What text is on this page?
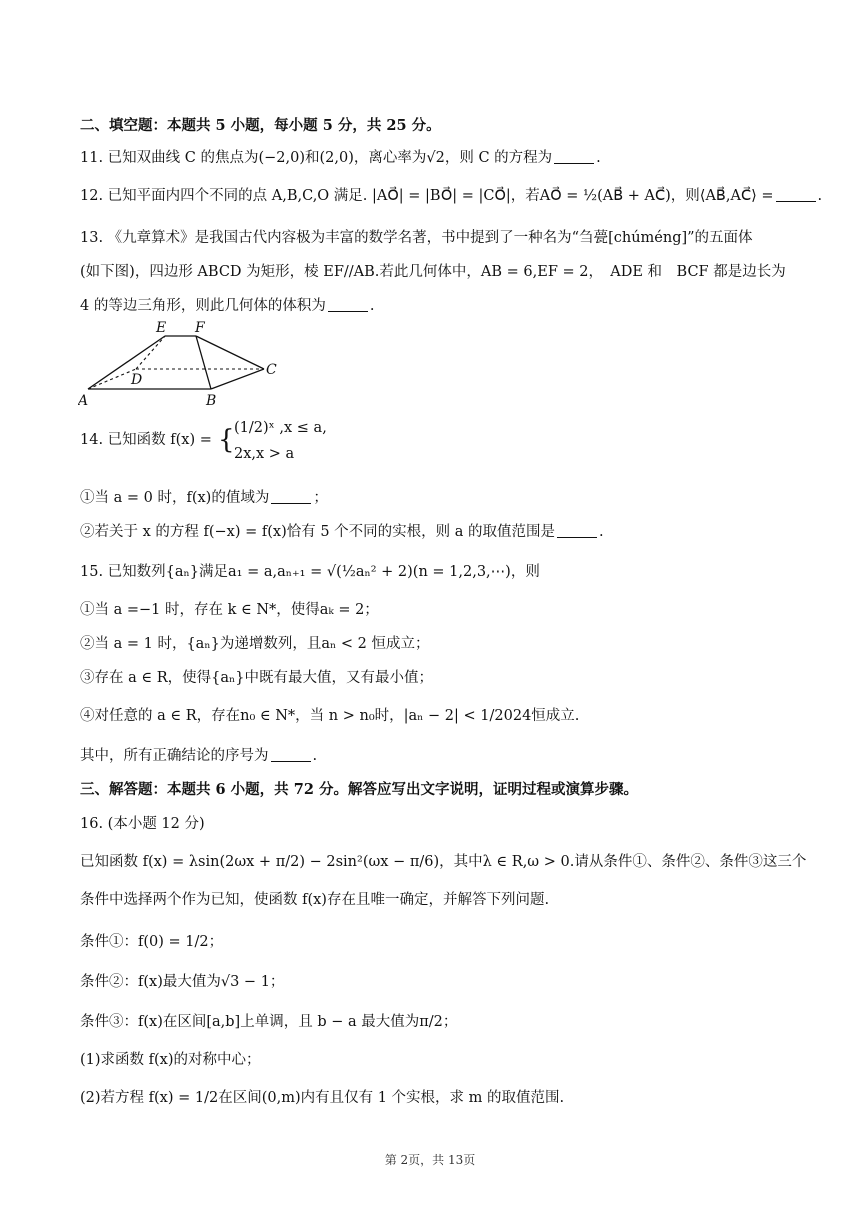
二、填空题：本题共 5 小题，每小题 5 分，共 25 分。
11. 已知双曲线 C 的焦点为(−2,0)和(2,0)，离心率为√2，则 C 的方程为	.
12. 已知平面内四个不同的点 A,B,C,O 满足. |AO⃗| = |BO⃗| = |CO⃗|，若AO⃗ = ½(AB⃗ + AC⃗)，则⟨AB⃗,AC⃗⟩ =	.
13. 《九章算术》是我国古代内容极为丰富的数学名著，书中提到了一种名为“刍甍[chúméng]”的五面体
(如下图)，四边形 ABCD 为矩形，棱 EF//AB.若此几何体中，AB = 6,EF = 2，　ADE 和　BCF 都是边长为
4 的等边三角形，则此几何体的体积为	.
A	B
C
D
E F
14. 已知函数 f(x) = { (1/2)ˣ ,x ≤ a,
2x,x > a
①当 a = 0 时，f(x)的值域为	；
②若关于 x 的方程 f(−x) = f(x)恰有 5 个不同的实根，则 a 的取值范围是	.
15. 已知数列{aₙ}满足a₁ = a,aₙ₊₁ = √(½aₙ² + 2)(n = 1,2,3,⋯)，则
①当 a =−1 时，存在 k ∈ N*，使得aₖ = 2；
②当 a = 1 时，{aₙ}为递增数列，且aₙ < 2 恒成立；
③存在 a ∈ R，使得{aₙ}中既有最大值，又有最小值；
④对任意的 a ∈ R，存在n₀ ∈ N*，当 n > n₀时，|aₙ − 2| < 1/2024恒成立.
其中，所有正确结论的序号为	.
三、解答题：本题共 6 小题，共 72 分。解答应写出文字说明，证明过程或演算步骤。
16. (本小题 12 分)
已知函数 f(x) = λsin(2ωx + π/2) − 2sin²(ωx − π/6)，其中λ ∈ R,ω > 0.请从条件①、条件②、条件③这三个
条件中选择两个作为已知，使函数 f(x)存在且唯一确定，并解答下列问题.
条件①：f(0) = 1/2；
条件②：f(x)最大值为√3 − 1；
条件③：f(x)在区间[a,b]上单调，且 b − a 最大值为π/2；
(1)求函数 f(x)的对称中心；
(2)若方程 f(x) = 1/2在区间(0,m)内有且仅有 1 个实根，求 m 的取值范围.
第 2页，共 13页
